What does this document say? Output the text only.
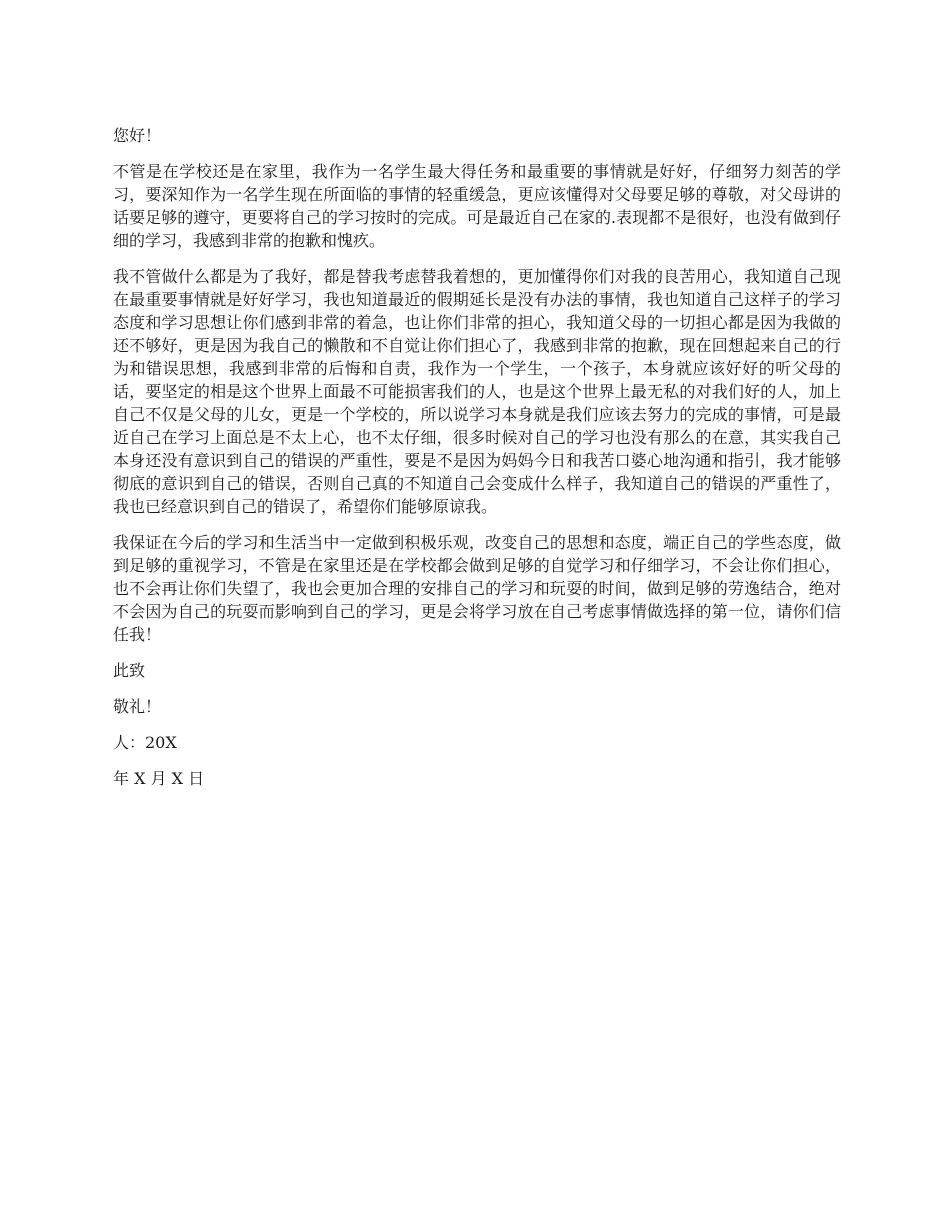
您好！

不管是在学校还是在家里，我作为一名学生最大得任务和最重要的事情就是好好，仔细努力刻苦的学习，要深知作为一名学生现在所面临的事情的轻重缓急，更应该懂得对父母要足够的尊敬，对父母讲的话要足够的遵守，更要将自己的学习按时的完成。可是最近自己在家的.表现都不是很好，也没有做到仔细的学习，我感到非常的抱歉和愧疚。

我不管做什么都是为了我好，都是替我考虑替我着想的，更加懂得你们对我的良苦用心，我知道自己现在最重要事情就是好好学习，我也知道最近的假期延长是没有办法的事情，我也知道自己这样子的学习态度和学习思想让你们感到非常的着急，也让你们非常的担心，我知道父母的一切担心都是因为我做的还不够好，更是因为我自己的懒散和不自觉让你们担心了，我感到非常的抱歉，现在回想起来自己的行为和错误思想，我感到非常的后悔和自责，我作为一个学生，一个孩子，本身就应该好好的听父母的话，要坚定的相是这个世界上面最不可能损害我们的人，也是这个世界上最无私的对我们好的人，加上自己不仅是父母的儿女，更是一个学校的，所以说学习本身就是我们应该去努力的完成的事情，可是最近自己在学习上面总是不太上心，也不太仔细，很多时候对自己的学习也没有那么的在意，其实我自己本身还没有意识到自己的错误的严重性，要是不是因为妈妈今日和我苦口婆心地沟通和指引，我才能够彻底的意识到自己的错误，否则自己真的不知道自己会变成什么样子，我知道自己的错误的严重性了，我也已经意识到自己的错误了，希望你们能够原谅我。

我保证在今后的学习和生活当中一定做到积极乐观，改变自己的思想和态度，端正自己的学些态度，做到足够的重视学习，不管是在家里还是在学校都会做到足够的自觉学习和仔细学习，不会让你们担心，也不会再让你们失望了，我也会更加合理的安排自己的学习和玩耍的时间，做到足够的劳逸结合，绝对不会因为自己的玩耍而影响到自己的学习，更是会将学习放在自己考虑事情做选择的第一位，请你们信任我！

此致

敬礼！

人：20X

年 X 月 X 日
